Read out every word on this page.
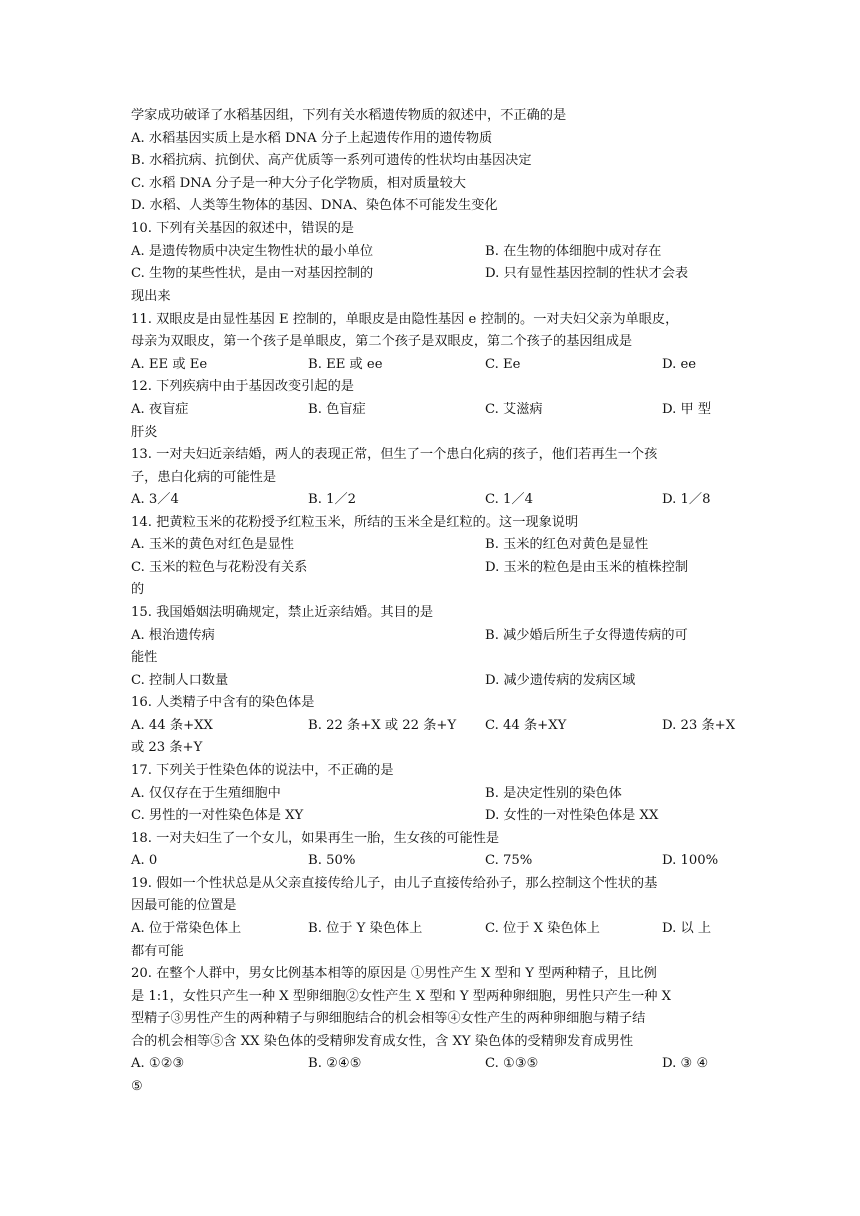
学家成功破译了水稻基因组，下列有关水稻遗传物质的叙述中，不正确的是
A. 水稻基因实质上是水稻 DNA 分子上起遗传作用的遗传物质
B. 水稻抗病、抗倒伏、高产优质等一系列可遗传的性状均由基因决定
C. 水稻 DNA 分子是一种大分子化学物质，相对质量较大
D. 水稻、人类等生物体的基因、DNA、染色体不可能发生变化
10. 下列有关基因的叙述中，错误的是
A. 是遗传物质中决定生物性状的最小单位	B. 在生物的体细胞中成对存在
C. 生物的某些性状，是由一对基因控制的	D. 只有显性基因控制的性状才会表
现出来
11. 双眼皮是由显性基因 E 控制的，单眼皮是由隐性基因 e 控制的。一对夫妇父亲为单眼皮，
母亲为双眼皮，第一个孩子是单眼皮，第二个孩子是双眼皮，第二个孩子的基因组成是
A. EE 或 Ee	B. EE 或 ee	C. Ee	D. ee
12. 下列疾病中由于基因改变引起的是
A. 夜盲症	B. 色盲症	C. 艾滋病	D. 甲 型
肝炎
13. 一对夫妇近亲结婚，两人的表现正常，但生了一个患白化病的孩子，他们若再生一个孩
子，患白化病的可能性是
A. 3／4	B. 1／2	C. 1／4	D. 1／8
14. 把黄粒玉米的花粉授予红粒玉米，所结的玉米全是红粒的。这一现象说明
A. 玉米的黄色对红色是显性	B. 玉米的红色对黄色是显性
C. 玉米的粒色与花粉没有关系	D. 玉米的粒色是由玉米的植株控制
的
15. 我国婚姻法明确规定，禁止近亲结婚。其目的是
A. 根治遗传病	B. 减少婚后所生子女得遗传病的可
能性
C. 控制人口数量	D. 减少遗传病的发病区域
16. 人类精子中含有的染色体是
A. 44 条+XX	B. 22 条+X 或 22 条+Y C. 44 条+XY	D. 23 条+X
或 23 条+Y
17. 下列关于性染色体的说法中，不正确的是
A. 仅仅存在于生殖细胞中	B. 是决定性别的染色体
C. 男性的一对性染色体是 XY	D. 女性的一对性染色体是 XX
18. 一对夫妇生了一个女儿，如果再生一胎，生女孩的可能性是
A. 0	B. 50%	C. 75%	D. 100%
19. 假如一个性状总是从父亲直接传给儿子，由儿子直接传给孙子，那么控制这个性状的基
因最可能的位置是
A. 位于常染色体上	B. 位于 Y 染色体上	C. 位于 X 染色体上	D. 以 上
都有可能
20. 在整个人群中，男女比例基本相等的原因是 ①男性产生 X 型和 Y 型两种精子，且比例
是 1:1，女性只产生一种 X 型卵细胞②女性产生 X 型和 Y 型两种卵细胞，男性只产生一种 X
型精子③男性产生的两种精子与卵细胞结合的机会相等④女性产生的两种卵细胞与精子结
合的机会相等⑤含 XX 染色体的受精卵发育成女性，含 XY 染色体的受精卵发育成男性
A. ①②③	B. ②④⑤	C. ①③⑤	D. ③ ④
⑤
